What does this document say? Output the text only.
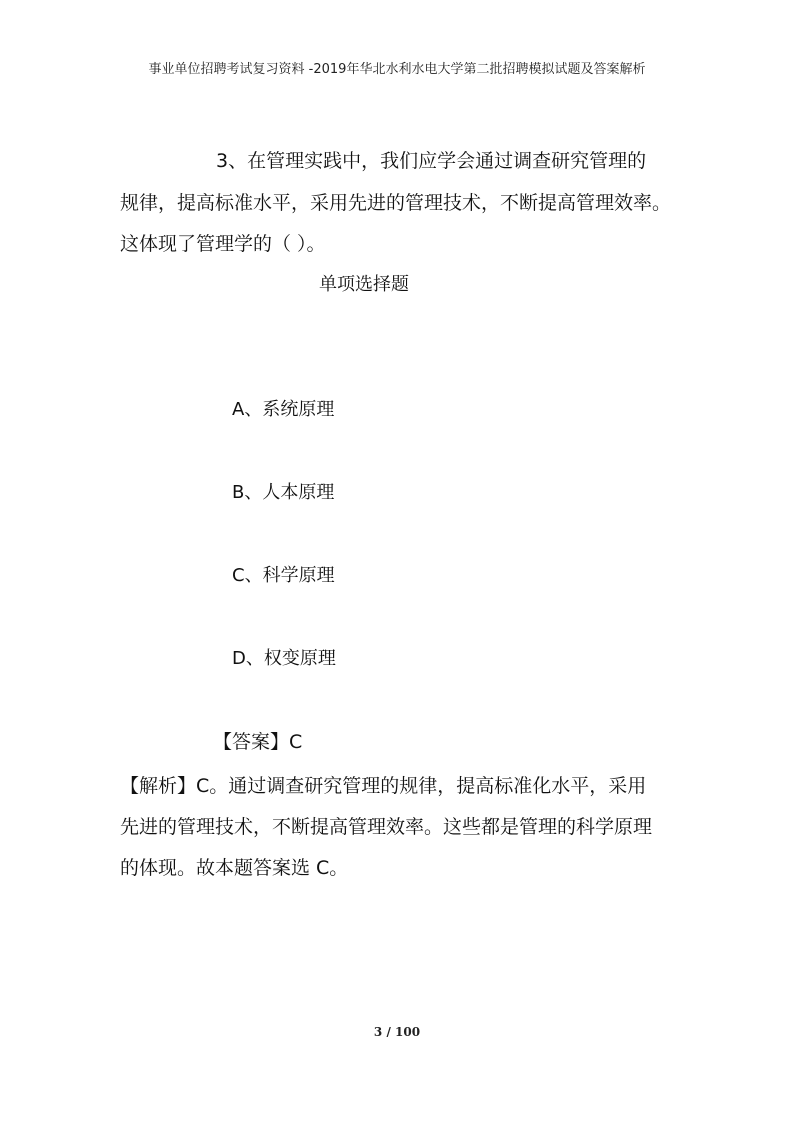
事业单位招聘考试复习资料 -2019年华北水利水电大学第二批招聘模拟试题及答案解析
3、在管理实践中，我们应学会通过调查研究管理的
规律，提高标准水平，采用先进的管理技术，不断提高管理效率。
这体现了管理学的（ ）。
单项选择题
A、系统原理
B、人本原理
C、科学原理
D、权变原理
【答案】C
【解析】C。通过调查研究管理的规律，提高标准化水平，采用
先进的管理技术，不断提高管理效率。这些都是管理的科学原理
的体现。故本题答案选 C。
3 / 100
